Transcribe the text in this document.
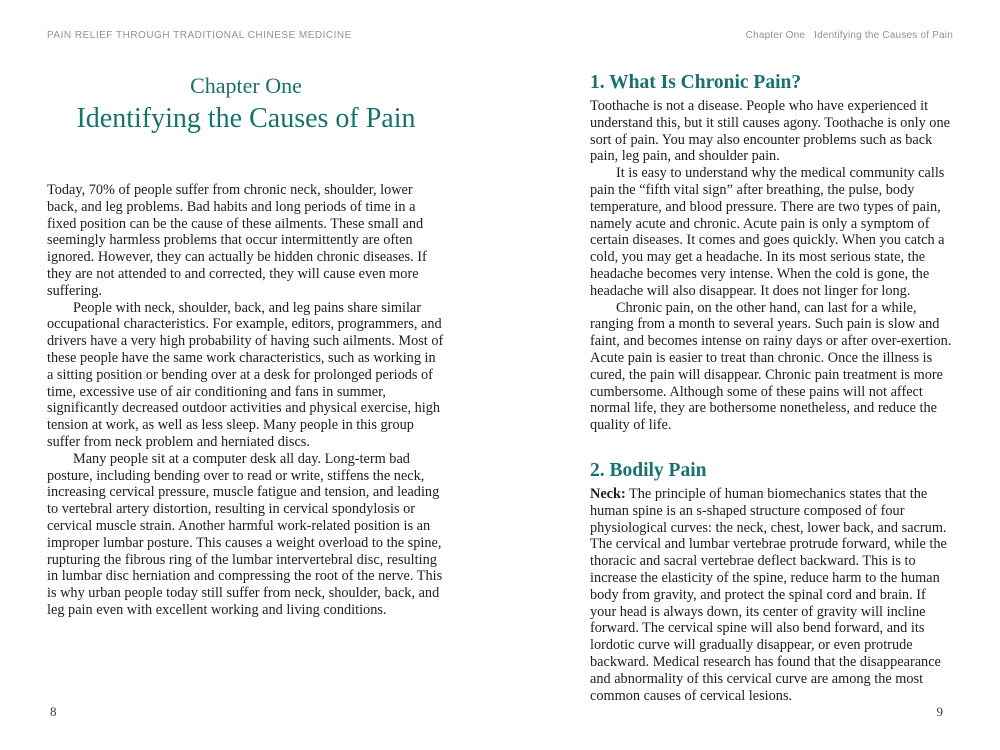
PAIN RELIEF THROUGH TRADITIONAL CHINESE MEDICINE
Chapter One
Identifying the Causes of Pain

Today, 70% of people suffer from chronic neck, shoulder, lower back, and leg problems. Bad habits and long periods of time in a fixed position can be the cause of these ailments. These small and seemingly harmless problems that occur intermittently are often ignored. However, they can actually be hidden chronic diseases. If they are not attended to and corrected, they will cause even more suffering.

People with neck, shoulder, back, and leg pains share similar occupational characteristics. For example, editors, programmers, and drivers have a very high probability of having such ailments. Most of these people have the same work characteristics, such as working in a sitting position or bending over at a desk for prolonged periods of time, excessive use of air conditioning and fans in summer, significantly decreased outdoor activities and physical exercise, high tension at work, as well as less sleep. Many people in this group suffer from neck problem and herniated discs.

Many people sit at a computer desk all day. Long-term bad posture, including bending over to read or write, stiffens the neck, increasing cervical pressure, muscle fatigue and tension, and leading to vertebral artery distortion, resulting in cervical spondylosis or cervical muscle strain. Another harmful work-related position is an improper lumbar posture. This causes a weight overload to the spine, rupturing the fibrous ring of the lumbar intervertebral disc, resulting in lumbar disc herniation and compressing the root of the nerve. This is why urban people today still suffer from neck, shoulder, back, and leg pain even with excellent working and living conditions.

Chapter One Identifying the Causes of Pain
1. What Is Chronic Pain?

Toothache is not a disease. People who have experienced it understand this, but it still causes agony. Toothache is only one sort of pain. You may also encounter problems such as back pain, leg pain, and shoulder pain.

It is easy to understand why the medical community calls pain the “fifth vital sign” after breathing, the pulse, body temperature, and blood pressure. There are two types of pain, namely acute and chronic. Acute pain is only a symptom of certain diseases. It comes and goes quickly. When you catch a cold, you may get a headache. In its most serious state, the headache becomes very intense. When the cold is gone, the headache will also disappear. It does not linger for long.

Chronic pain, on the other hand, can last for a while, ranging from a month to several years. Such pain is slow and faint, and becomes intense on rainy days or after over-exertion. Acute pain is easier to treat than chronic. Once the illness is cured, the pain will disappear. Chronic pain treatment is more cumbersome. Although some of these pains will not affect normal life, they are bothersome nonetheless, and reduce the quality of life.

2. Bodily Pain

Neck: The principle of human biomechanics states that the human spine is an s-shaped structure composed of four physiological curves: the neck, chest, lower back, and sacrum. The cervical and lumbar vertebrae protrude forward, while the thoracic and sacral vertebrae deflect backward. This is to increase the elasticity of the spine, reduce harm to the human body from gravity, and protect the spinal cord and brain. If your head is always down, its center of gravity will incline forward. The cervical spine will also bend forward, and its lordotic curve will gradually disappear, or even protrude backward. Medical research has found that the disappearance and abnormality of this cervical curve are among the most common causes of cervical lesions.

8	9
